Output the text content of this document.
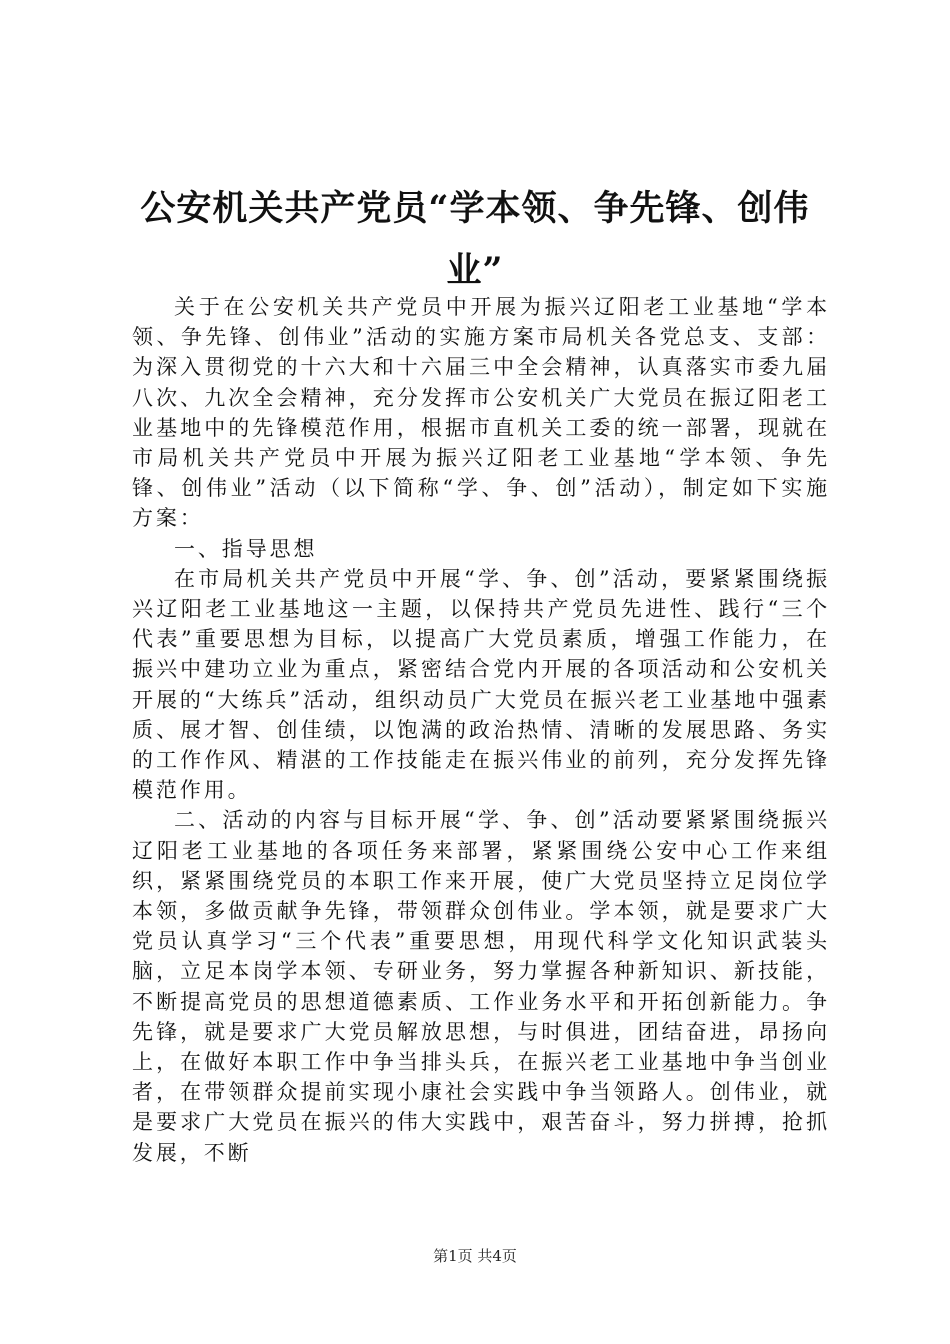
公安机关共产党员“学本领、争先锋、创伟业”

关于在公安机关共产党员中开展为振兴辽阳老工业基地“学本领、争先锋、创伟业”活动的实施方案市局机关各党总支、支部：为深入贯彻党的十六大和十六届三中全会精神，认真落实市委九届八次、九次全会精神，充分发挥市公安机关广大党员在振辽阳老工业基地中的先锋模范作用，根据市直机关工委的统一部署，现就在市局机关共产党员中开展为振兴辽阳老工业基地“学本领、争先锋、创伟业”活动（以下简称“学、争、创”活动），制定如下实施方案：

一、指导思想

在市局机关共产党员中开展“学、争、创”活动，要紧紧围绕振兴辽阳老工业基地这一主题，以保持共产党员先进性、践行“三个代表”重要思想为目标，以提高广大党员素质，增强工作能力，在振兴中建功立业为重点，紧密结合党内开展的各项活动和公安机关开展的“大练兵”活动，组织动员广大党员在振兴老工业基地中强素质、展才智、创佳绩，以饱满的政治热情、清晰的发展思路、务实的工作作风、精湛的工作技能走在振兴伟业的前列，充分发挥先锋模范作用。

二、活动的内容与目标开展“学、争、创”活动要紧紧围绕振兴辽阳老工业基地的各项任务来部署，紧紧围绕公安中心工作来组织，紧紧围绕党员的本职工作来开展，使广大党员坚持立足岗位学本领，多做贡献争先锋，带领群众创伟业。学本领，就是要求广大党员认真学习“三个代表”重要思想，用现代科学文化知识武装头脑，立足本岗学本领、专研业务，努力掌握各种新知识、新技能，不断提高党员的思想道德素质、工作业务水平和开拓创新能力。争先锋，就是要求广大党员解放思想，与时俱进，团结奋进，昂扬向上，在做好本职工作中争当排头兵，在振兴老工业基地中争当创业者，在带领群众提前实现小康社会实践中争当领路人。创伟业，就是要求广大党员在振兴的伟大实践中，艰苦奋斗，努力拼搏，抢抓发展，不断

第1页 共4页
